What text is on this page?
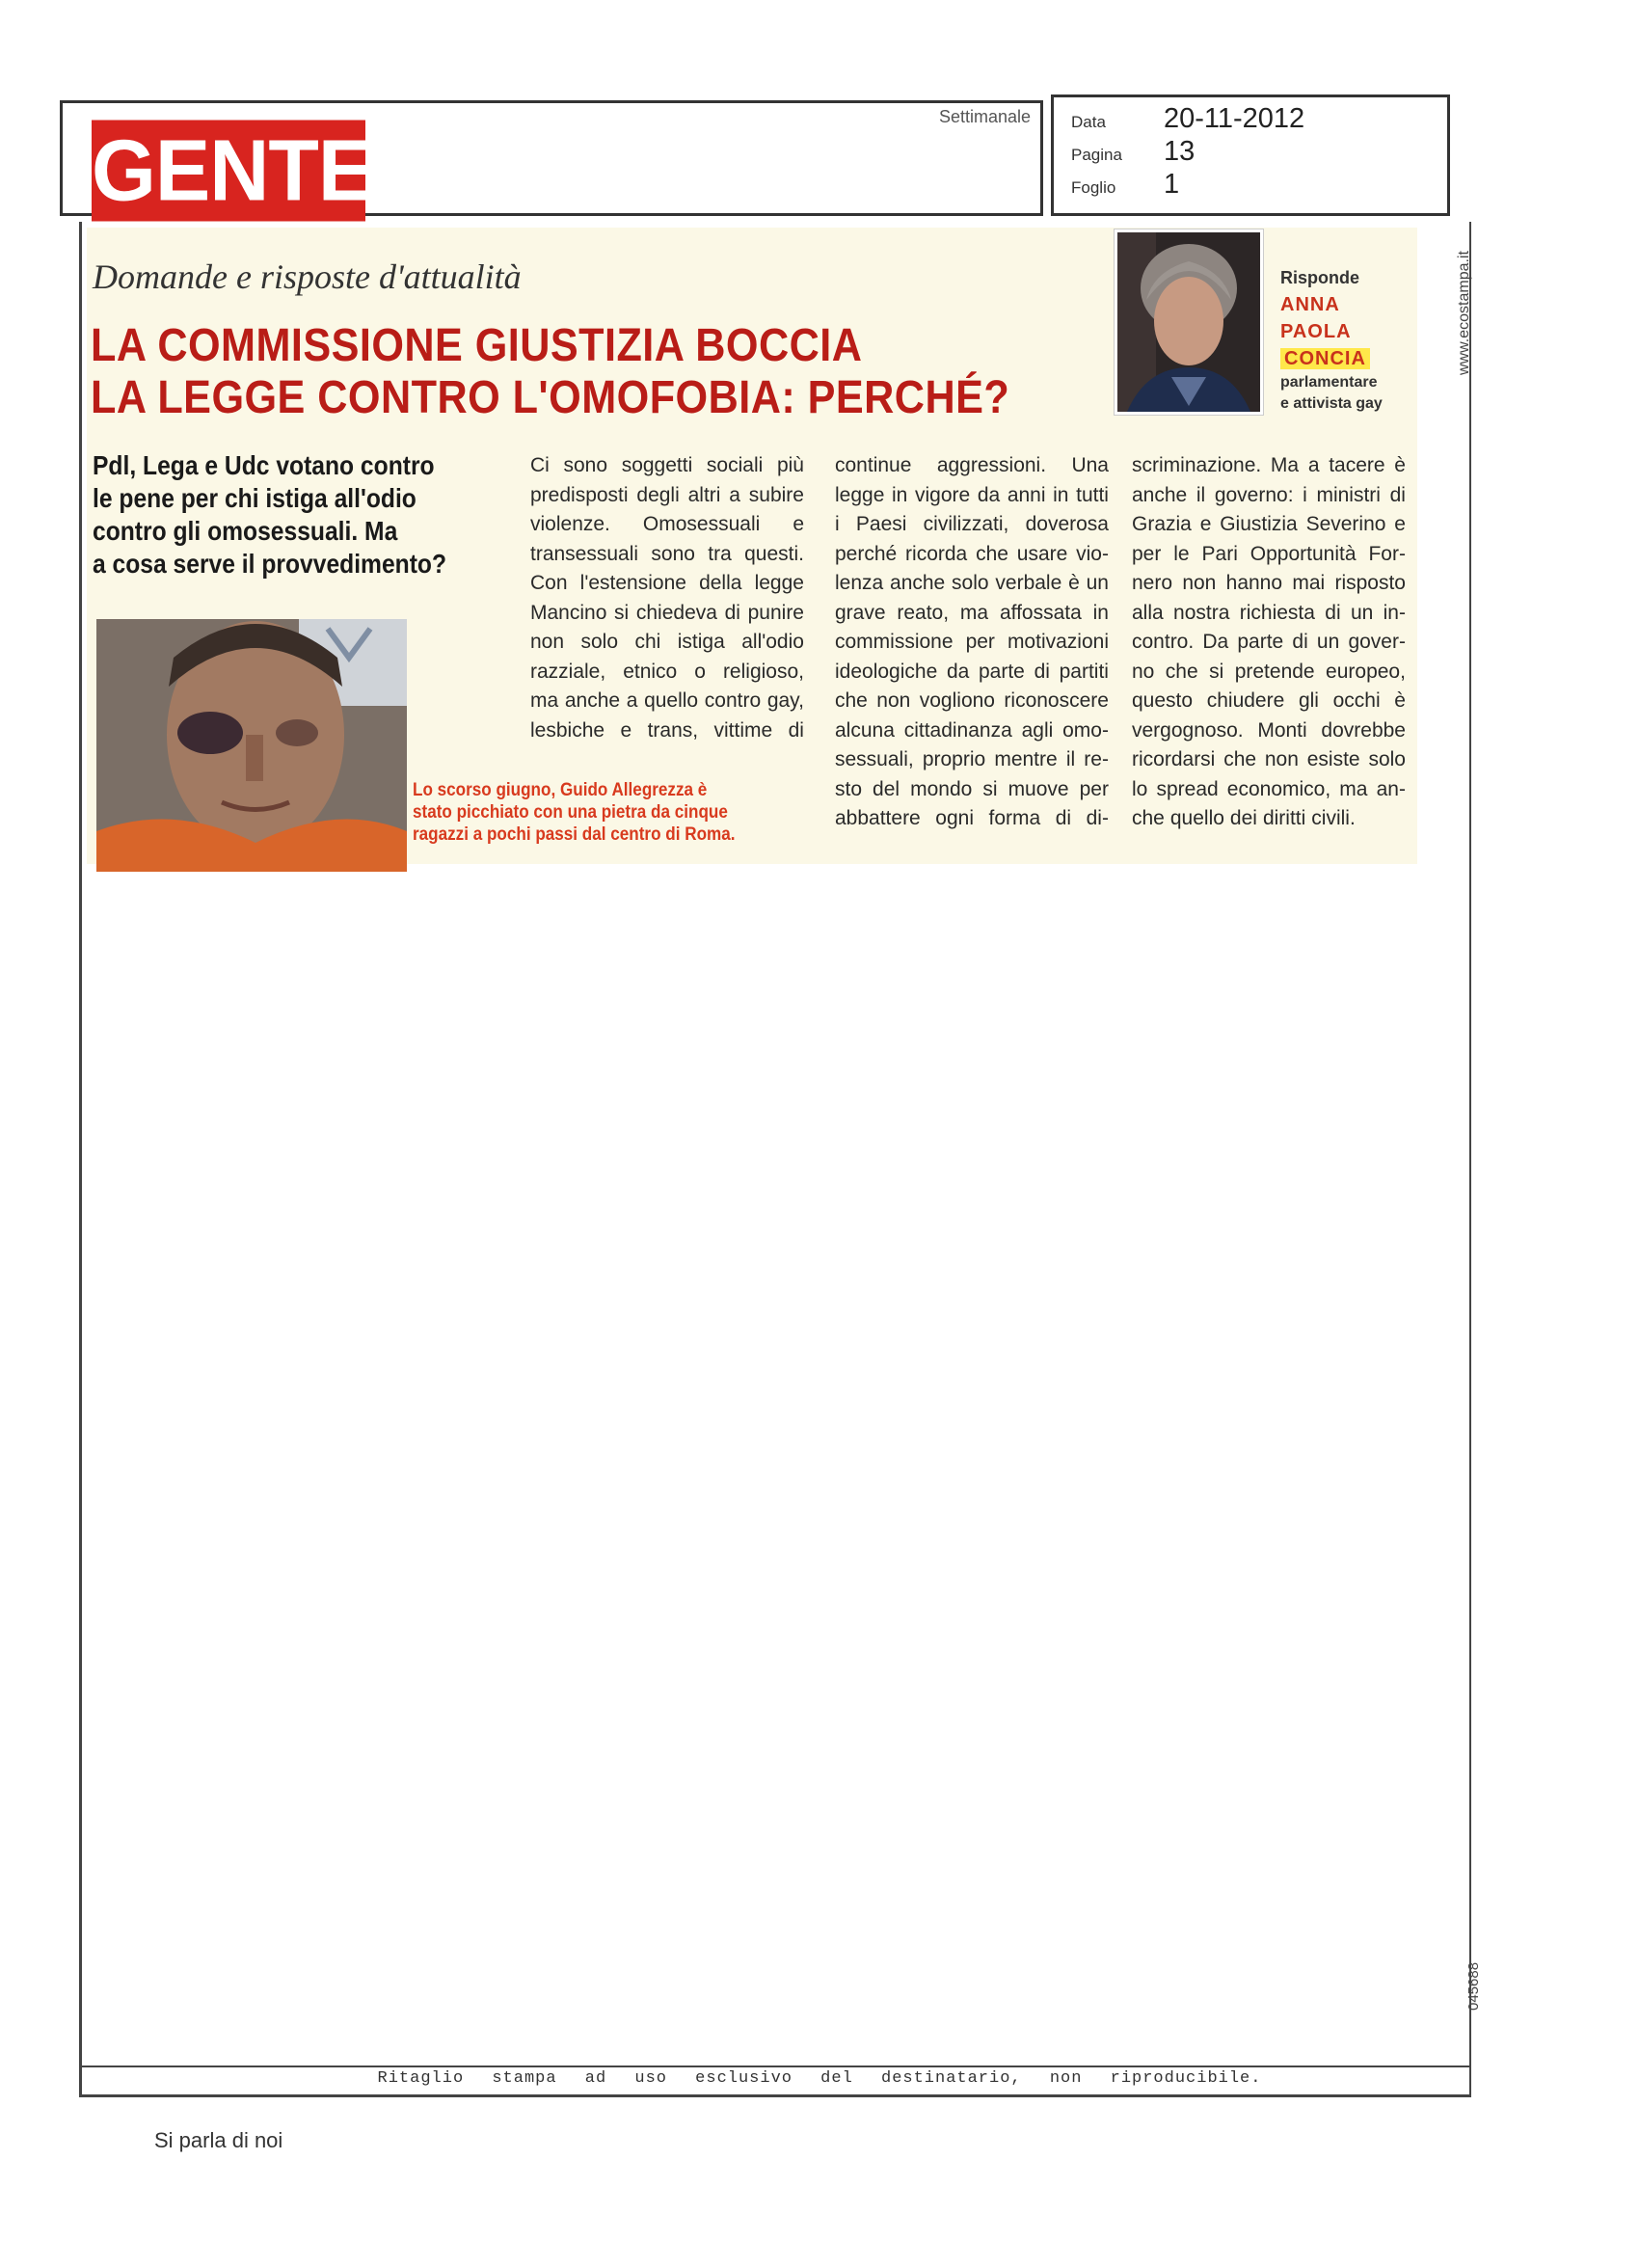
GENTE
Settimanale Data 20-11-2012
Pagina 13
Foglio 1
www.ecostampa.it
045688
Domande e risposte d'attualità
LA COMMISSIONE GIUSTIZIA BOCCIA
LA LEGGE CONTRO L'OMOFOBIA: PERCHÉ?
Pdl, Lega e Udc votano contro
le pene per chi istiga all'odio
contro gli omosessuali. Ma
a cosa serve il provvedimento?
Lo scorso giugno, Guido Allegrezza è
stato picchiato con una pietra da cinque
ragazzi a pochi passi dal centro di Roma.
Ci sono soggetti sociali più
predisposti degli altri a subire
violenze. Omosessuali e
transessuali sono tra questi.
Con l'estensione della legge
Mancino si chiedeva di punire
non solo chi istiga all'odio
razziale, etnico o religioso,
ma anche a quello contro gay,
lesbiche e trans, vittime di
continue aggressioni. Una
legge in vigore da anni in tutti
i Paesi civilizzati, doverosa
perché ricorda che usare vio-
lenza anche solo verbale è un
grave reato, ma affossata in
commissione per motivazioni
ideologiche da parte di partiti
che non vogliono riconoscere
alcuna cittadinanza agli omo-
sessuali, proprio mentre il re-
sto del mondo si muove per
abbattere ogni forma di di-
scriminazione. Ma a tacere è
anche il governo: i ministri di
Grazia e Giustizia Severino e
per le Pari Opportunità For-
nero non hanno mai risposto
alla nostra richiesta di un in-
contro. Da parte di un gover-
no che si pretende europeo,
questo chiudere gli occhi è
vergognoso. Monti dovrebbe
ricordarsi che non esiste solo
lo spread economico, ma an-
che quello dei diritti civili.
Risponde
ANNA
PAOLA
CONCIA
parlamentare
e attivista gay
Ritaglio stampa ad uso esclusivo del destinatario, non riproducibile.
Si parla di noi
